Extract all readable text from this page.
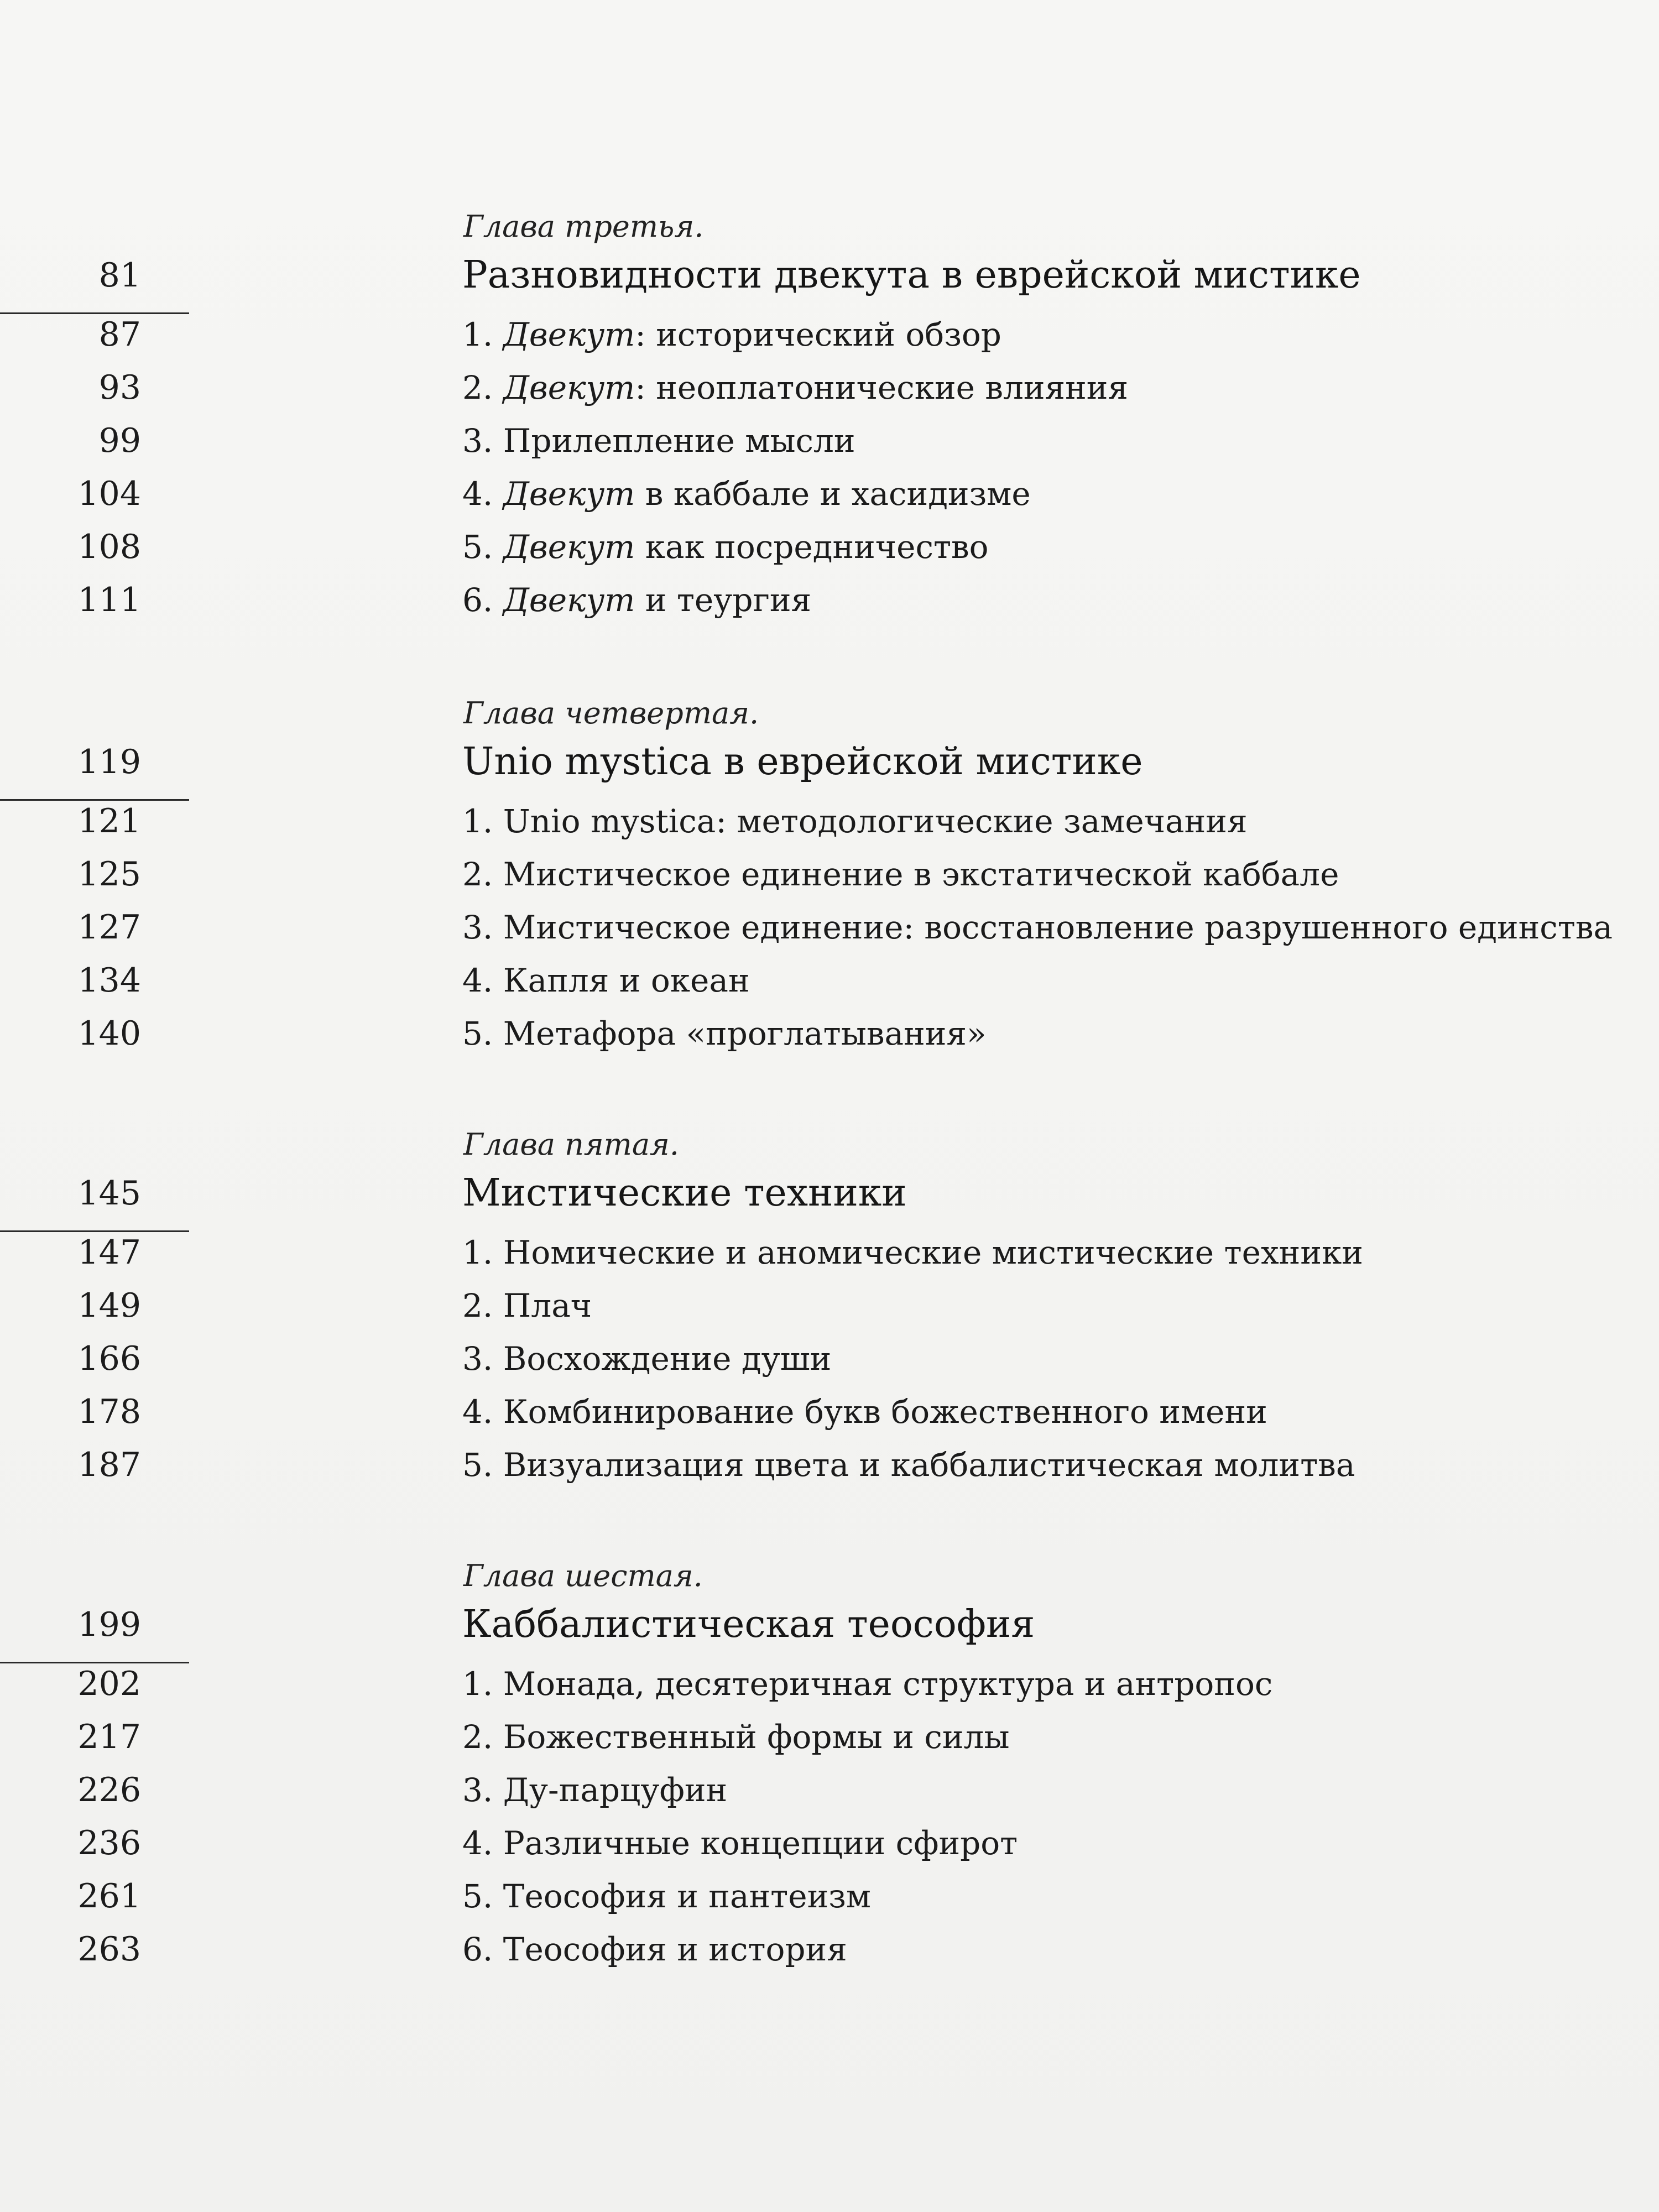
Глава третья.
81	Разновидности двекута в еврейской мистике
87	1. Двекут: исторический обзор
93	2. Двекут: неоплатонические влияния
99	3. Прилепление мысли
104	4. Двекут в каббале и хасидизме
108	5. Двекут как посредничество
111	6. Двекут и теургия
Глава четвертая.
119	Unio mystica в еврейской мистике
121	1. Unio mystica: методологические замечания
125	2. Мистическое единение в экстатической каббале
127	3. Мистическое единение: восстановление разрушенного единства
134	4. Капля и океан
140	5. Метафора «проглатывания»
Глава пятая.
145	Мистические техники
147	1. Номические и аномические мистические техники
149	2. Плач
166	3. Восхождение души
178	4. Комбинирование букв божественного имени
187	5. Визуализация цвета и каббалистическая молитва
Глава шестая.
199	Каббалистическая теософия
202	1. Монада, десятеричная структура и антропос
217	2. Божественный формы и силы
226	3. Ду-парцуфин
236	4. Различные концепции сфирот
261	5. Теософия и пантеизм
263	6. Теософия и история
